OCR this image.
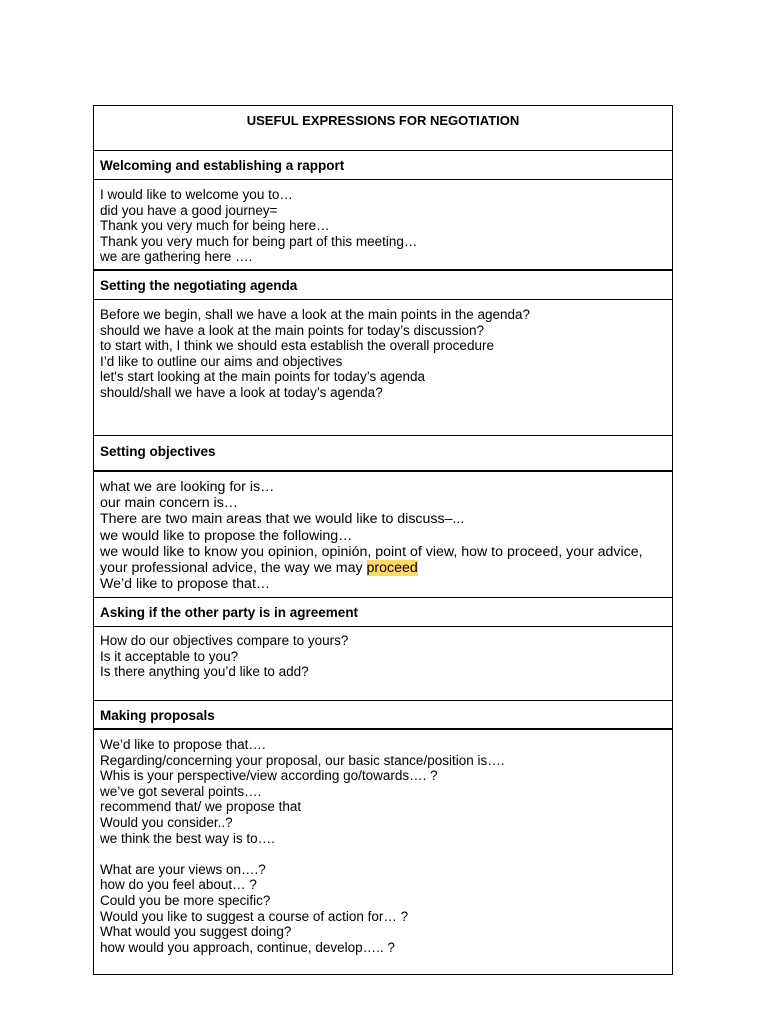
USEFUL EXPRESSIONS FOR NEGOTIATION
Welcoming and establishing a rapport
I would like to welcome you to…
did you have a good journey=
Thank you very much for being here…
Thank you very much for being part of this meeting…
we are gathering here ….
Setting the negotiating agenda
Before we begin, shall we have a look at the main points in the agenda?
should we have a look at the main points for today’s discussion?
to start with, I think we should esta establish the overall procedure
I’d like to outline our aims and objectives
let's start looking at the main points for today’s agenda
should/shall we have a look at today’s agenda?
Setting objectives
what we are looking for is…
our main concern is…
There are two main areas that we would like to discuss–...
we would like to propose the following…
we would like to know you opinion, opinión, point of view, how to proceed, your advice,
your professional advice, the way we may proceed
We’d like to propose that…
Asking if the other party is in agreement
How do our objectives compare to yours?
Is it acceptable to you?
Is there anything you’d like to add?
Making proposals
We’d like to propose that….
Regarding/concerning your proposal, our basic stance/position is….
Whis is your perspective/view according go/towards…. ?
we’ve got several points….
recommend that/ we propose that
Would you consider..?
we think the best way is to….
What are your views on….?
how do you feel about… ?
Could you be more specific?
Would you like to suggest a course of action for… ?
What would you suggest doing?
how would you approach, continue, develop….. ?
